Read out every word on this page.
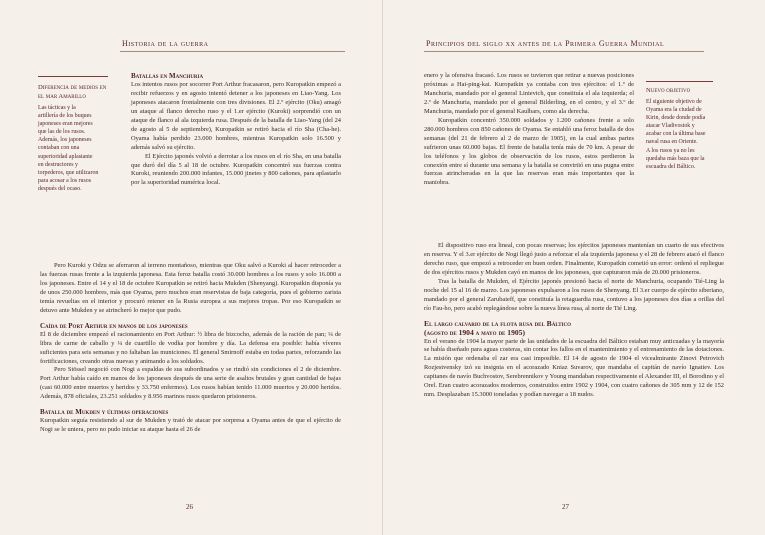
Historia de la guerra

Diferencia de medios en el mar Amarillo

Las tácticas y la

artillería de los buques

japoneses eran mejores

que las de los rusos.

Además, los japoneses

contaban con una

superioridad aplastante

en destructores y

torpederos, que utilizaron

para acosar a los rusos

después del ocaso.

Batallas en Manchuria

Los intentos rusos por socorrer Port Arthur fracasaron, pero Kuropatkin empezó a recibir refuerzos y en agosto intentó detener a los japoneses en Liao-Yang. Los japoneses atacaron frontalmente con tres divisiones. El 2.º ejército (Oku) amagó un ataque al flanco derecho ruso y el 1.er ejército (Kuroki) sorprendió con un ataque de flanco al ala izquierda rusa. Después de la batalla de Liao-Yang (del 24 de agosto al 5 de septiembre), Kuropatkin se retiró hacia el río Sha (Cha-he). Oyama había perdido 23.000 hombres, mientras Kuropatkin solo 16.500 y además salvó su ejército.

El Ejército japonés volvió a derrotar a los rusos en el río Sha, en una batalla que duró del día 5 al 18 de octubre. Kuropatkin concentró sus fuerzas contra Kuroki, reuniendo 200.000 infantes, 15.000 jinetes y 800 cañones, para aplastarlo por la superioridad numérica local.

Pero Kuroki y Odzu se aferraron al terreno montañoso, mientras que Oku salvó a Kuroki al hacer retroceder a las fuerzas rusas frente a la izquierda japonesa. Esta feroz batalla costó 30.000 hombres a los rusos y solo 16.000 a los japoneses. Entre el 14 y el 18 de octubre Kuropatkin se retiró hacia Mukden (Shenyang). Kuropatkin disponía ya de unos 250.000 hombres, más que Oyama, pero muchos eran reservistas de baja categoría, pues el gobierno zarista temía revueltas en el interior y procuró retener en la Rusia europea a sus mejores tropas. Por eso Kuropatkin se detuvo ante Mukden y se atrincheró lo mejor que pudo.

Caída de Port Arthur en manos de los japoneses

El 8 de diciembre empezó el racionamiento en Port Arthur: ½ libra de bizcocho, además de la ración de pan; ¼ de libra de carne de caballo y ¼ de cuartillo de vodka por hombre y día. La defensa era posible: había víveres suficientes para seis semanas y no faltaban las municiones. El general Smirnoff estaba en todas partes, reforzando las fortificaciones, creando otras nuevas y animando a los soldados.

Pero Stössel negoció con Nogi a espaldas de sus subordinados y se rindió sin condiciones el 2 de diciembre. Port Arthur había caído en manos de los japoneses después de una serie de asaltos brutales y gran cantidad de bajas (casi 60.000 entre muertos y heridos y 33.750 enfermos). Los rusos habían tenido 11.000 muertos y 20.000 heridos. Además, 878 oficiales, 23.251 soldados y 8.956 marinos rusos quedaron prisioneros.

Batalla de Mukden y últimas operaciones

Kuropatkin seguía resistiendo al sur de Mukden y trató de atacar por sorpresa a Oyama antes de que el ejército de Nogi se le uniera, pero no pudo iniciar su ataque hasta el 26 de

26
Principios del siglo xx antes de la Primera Guerra Mundial

enero y la ofensiva fracasó. Los rusos se tuvieron que retirar a nuevas posiciones próximas a Hai-ping-kai. Kuropatkin ya contaba con tres ejércitos: el 1.º de Manchuria, mandado por el general Linievich, que constituía el ala izquierda; el 2.º de Manchuria, mandado por el general Bilderling, en el centro, y el 3.º de Manchuria, mandado por el general Kaulbars, como ala derecha.

Kuropatkin concentró 350.000 soldados y 1.200 cañones frente a solo 280.000 hombres con 850 cañones de Oyama. Se entabló una feroz batalla de dos semanas (del 21 de febrero al 2 de marzo de 1905), en la cual ambas partes sufrieron unas 60.000 bajas. El frente de batalla tenía más de 70 km. A pesar de los teléfonos y los globos de observación de los rusos, estos perdieron la conexión entre sí durante una semana y la batalla se convirtió en una pugna entre fuerzas atrincheradas en la que las reservas eran más importantes que la maniobra.

Nuevo objetivo

El siguiente objetivo de

Oyama era la ciudad de

Kirin, desde donde podía

atacar Vladivostok y

acabar con la última base

naval rusa en Oriente.

A los rusos ya no les

quedaba más baza que la

escuadra del Báltico.

El dispositivo ruso era lineal, con pocas reservas; los ejércitos japoneses mantenían un cuarto de sus efectivos en reserva. Y el 3.er ejército de Nogi llegó justo a reforzar el ala izquierda japonesa y el 28 de febrero atacó el flanco derecho ruso, que empezó a retroceder en buen orden. Finalmente, Kuropatkin cometió un error: ordenó el repliegue de dos ejércitos rusos y Mukden cayó en manos de los japoneses, que capturaron más de 20.000 prisioneros.

Tras la batalla de Mukden, el Ejército japonés presionó hacia el norte de Manchuria, ocupando Tié-Ling la noche del 15 al 16 de marzo. Los japoneses expulsaron a los rusos de Shenyang. El 3.er cuerpo de ejército siberiano, mandado por el general Zarubaieff, que constituía la retaguardia rusa, contuvo a los japoneses dos días a orillas del río Fau-ho, pero acabó replegándose sobre la nueva línea rusa, al norte de Tié Ling.

El largo calvario de la flota rusa del Báltico

(agosto de 1904 a mayo de 1905)

En el verano de 1904 la mayor parte de las unidades de la escuadra del Báltico estaban muy anticuadas y la mayoría se había diseñado para aguas costeras, sin contar los fallos en el mantenimiento y el entrenamiento de las dotaciones. La misión que ordenaba el zar era casi imposible. El 14 de agosto de 1904 el vicealmirante Zinovi Petrovich Rozjestvensky izó su insignia en el acorazado Kniaz Suvarov, que mandaba el capitán de navío Ignatiev. Los capitanes de navío Buchvostov, Serebrennikov y Young mandaban respectivamente el Alexander III, el Borodino y el Orel. Eran cuatro acorazados modernos, construidos entre 1902 y 1904, con cuatro cañones de 305 mm y 12 de 152 mm. Desplazaban 15.3000 toneladas y podían navegar a 18 nudos.

27
